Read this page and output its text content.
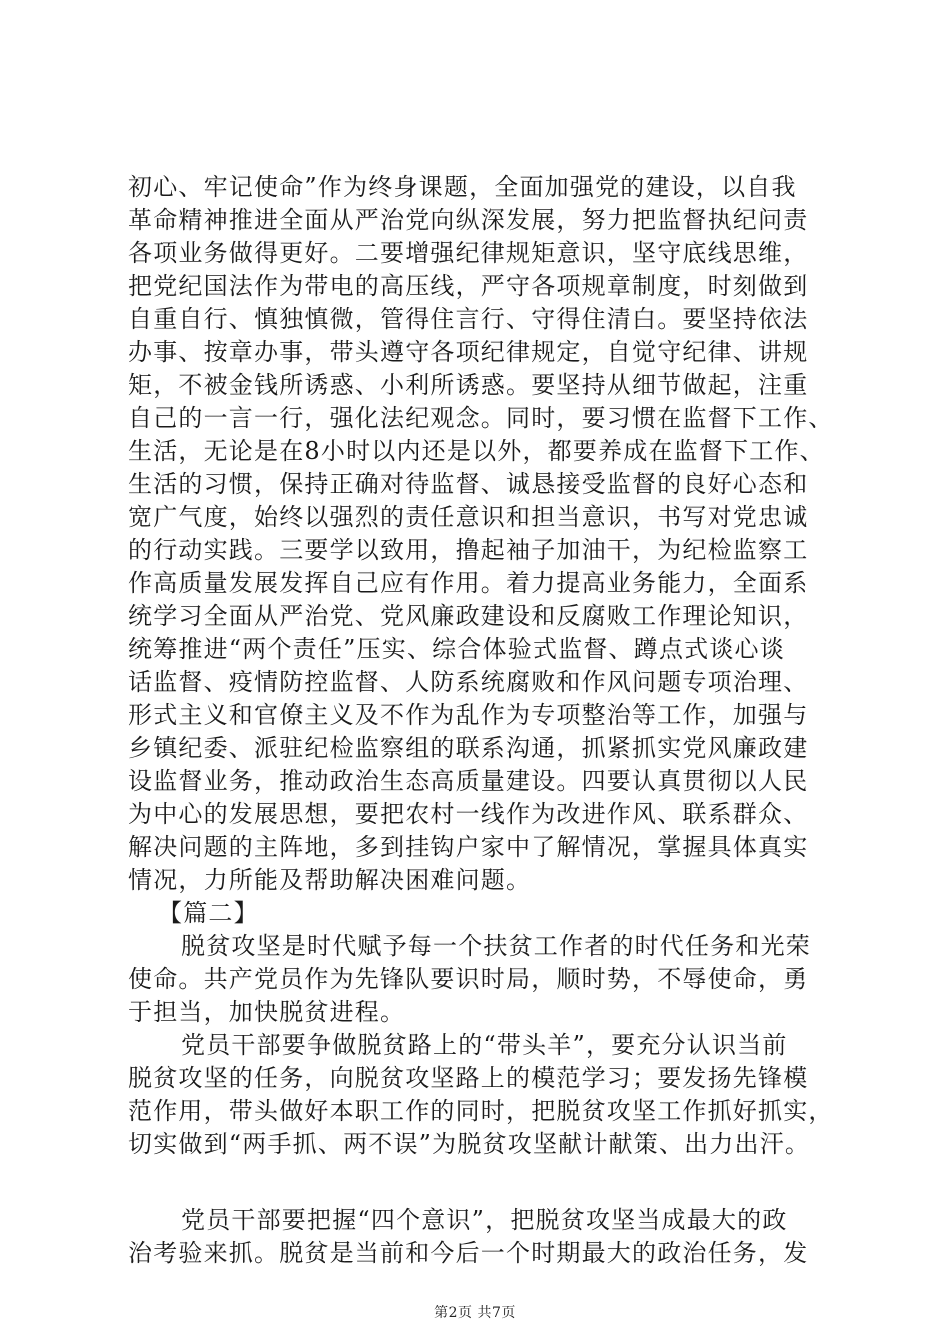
初心、牢记使命”作为终身课题，全面加强党的建设，以自我
革命精神推进全面从严治党向纵深发展，努力把监督执纪问责
各项业务做得更好。二要增强纪律规矩意识，坚守底线思维，
把党纪国法作为带电的高压线，严守各项规章制度，时刻做到
自重自行、慎独慎微，管得住言行、守得住清白。要坚持依法
办事、按章办事，带头遵守各项纪律规定，自觉守纪律、讲规
矩，不被金钱所诱惑、小利所诱惑。要坚持从细节做起，注重
自己的一言一行，强化法纪观念。同时，要习惯在监督下工作、
生活，无论是在8小时以内还是以外，都要养成在监督下工作、
生活的习惯，保持正确对待监督、诚恳接受监督的良好心态和
宽广气度，始终以强烈的责任意识和担当意识，书写对党忠诚
的行动实践。三要学以致用，撸起袖子加油干，为纪检监察工
作高质量发展发挥自己应有作用。着力提高业务能力，全面系
统学习全面从严治党、党风廉政建设和反腐败工作理论知识，
统筹推进“两个责任”压实、综合体验式监督、蹲点式谈心谈
话监督、疫情防控监督、人防系统腐败和作风问题专项治理、
形式主义和官僚主义及不作为乱作为专项整治等工作，加强与
乡镇纪委、派驻纪检监察组的联系沟通，抓紧抓实党风廉政建
设监督业务，推动政治生态高质量建设。四要认真贯彻以人民
为中心的发展思想，要把农村一线作为改进作风、联系群众、
解决问题的主阵地，多到挂钩户家中了解情况，掌握具体真实
情况，力所能及帮助解决困难问题。
【篇二】
脱贫攻坚是时代赋予每一个扶贫工作者的时代任务和光荣
使命。共产党员作为先锋队要识时局，顺时势，不辱使命，勇
于担当，加快脱贫进程。
党员干部要争做脱贫路上的“带头羊”，要充分认识当前
脱贫攻坚的任务，向脱贫攻坚路上的模范学习；要发扬先锋模
范作用，带头做好本职工作的同时，把脱贫攻坚工作抓好抓实，
切实做到“两手抓、两不误”为脱贫攻坚献计献策、出力出汗。
党员干部要把握“四个意识”，把脱贫攻坚当成最大的政
治考验来抓。脱贫是当前和今后一个时期最大的政治任务，发
第2页 共7页
